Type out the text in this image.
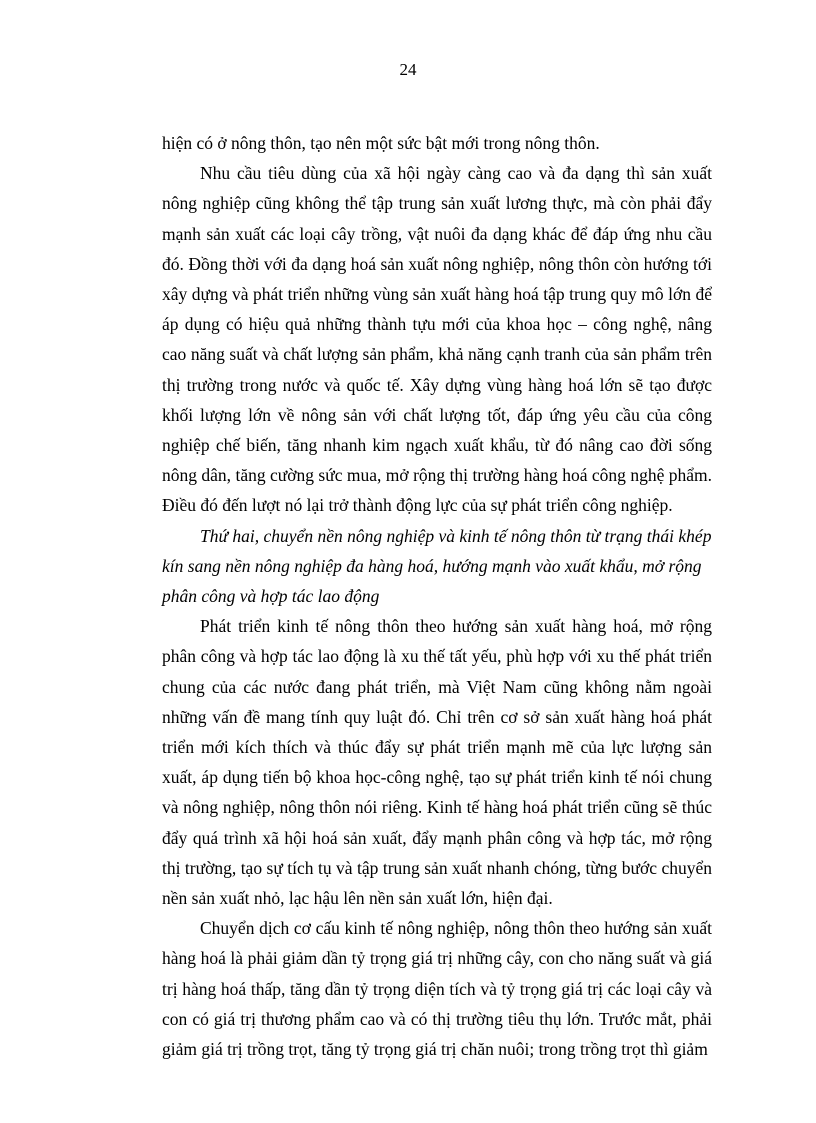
24

hiện có ở nông thôn, tạo nên một sức bật mới trong nông thôn.

Nhu cầu tiêu dùng của xã hội ngày càng cao và đa dạng thì sản xuất nông nghiệp cũng không thể tập trung sản xuất lương thực, mà còn phải đẩy mạnh sản xuất các loại cây trồng, vật nuôi đa dạng khác để đáp ứng nhu cầu đó. Đồng thời với đa dạng hoá sản xuất nông nghiệp, nông thôn còn hướng tới xây dựng và phát triển những vùng sản xuất hàng hoá tập trung quy mô lớn để áp dụng có hiệu quả những thành tựu mới của khoa học – công nghệ, nâng cao năng suất và chất lượng sản phẩm, khả năng cạnh tranh của sản phẩm trên thị trường trong nước và quốc tế. Xây dựng vùng hàng hoá lớn sẽ tạo được khối lượng lớn về nông sản với chất lượng tốt, đáp ứng yêu cầu của công nghiệp chế biến, tăng nhanh kim ngạch xuất khẩu, từ đó nâng cao đời sống nông dân, tăng cường sức mua, mở rộng thị trường hàng hoá công nghệ phẩm. Điều đó đến lượt nó lại trở thành động lực của sự phát triển công nghiệp.

Thứ hai, chuyển nền nông nghiệp và kinh tế nông thôn từ trạng thái khép kín sang nền nông nghiệp đa hàng hoá, hướng mạnh vào xuất khẩu, mở rộng phân công và hợp tác lao động

Phát triển kinh tế nông thôn theo hướng sản xuất hàng hoá, mở rộng phân công và hợp tác lao động là xu thế tất yếu, phù hợp với xu thế phát triển chung của các nước đang phát triển, mà Việt Nam cũng không nằm ngoài những vấn đề mang tính quy luật đó. Chỉ trên cơ sở sản xuất hàng hoá phát triển mới kích thích và thúc đẩy sự phát triển mạnh mẽ của lực lượng sản xuất, áp dụng tiến bộ khoa học-công nghệ, tạo sự phát triển kinh tế nói chung và nông nghiệp, nông thôn nói riêng. Kinh tế hàng hoá phát triển cũng sẽ thúc đẩy quá trình xã hội hoá sản xuất, đẩy mạnh phân công và hợp tác, mở rộng thị trường, tạo sự tích tụ và tập trung sản xuất nhanh chóng, từng bước chuyển nền sản xuất nhỏ, lạc hậu lên nền sản xuất lớn, hiện đại.

Chuyển dịch cơ cấu kinh tế nông nghiệp, nông thôn theo hướng sản xuất hàng hoá là phải giảm dần tỷ trọng giá trị những cây, con cho năng suất và giá trị hàng hoá thấp, tăng dần tỷ trọng diện tích và tỷ trọng giá trị các loại cây và con có giá trị thương phẩm cao và có thị trường tiêu thụ lớn. Trước mắt, phải giảm giá trị trồng trọt, tăng tỷ trọng giá trị chăn nuôi; trong trồng trọt thì giảm
